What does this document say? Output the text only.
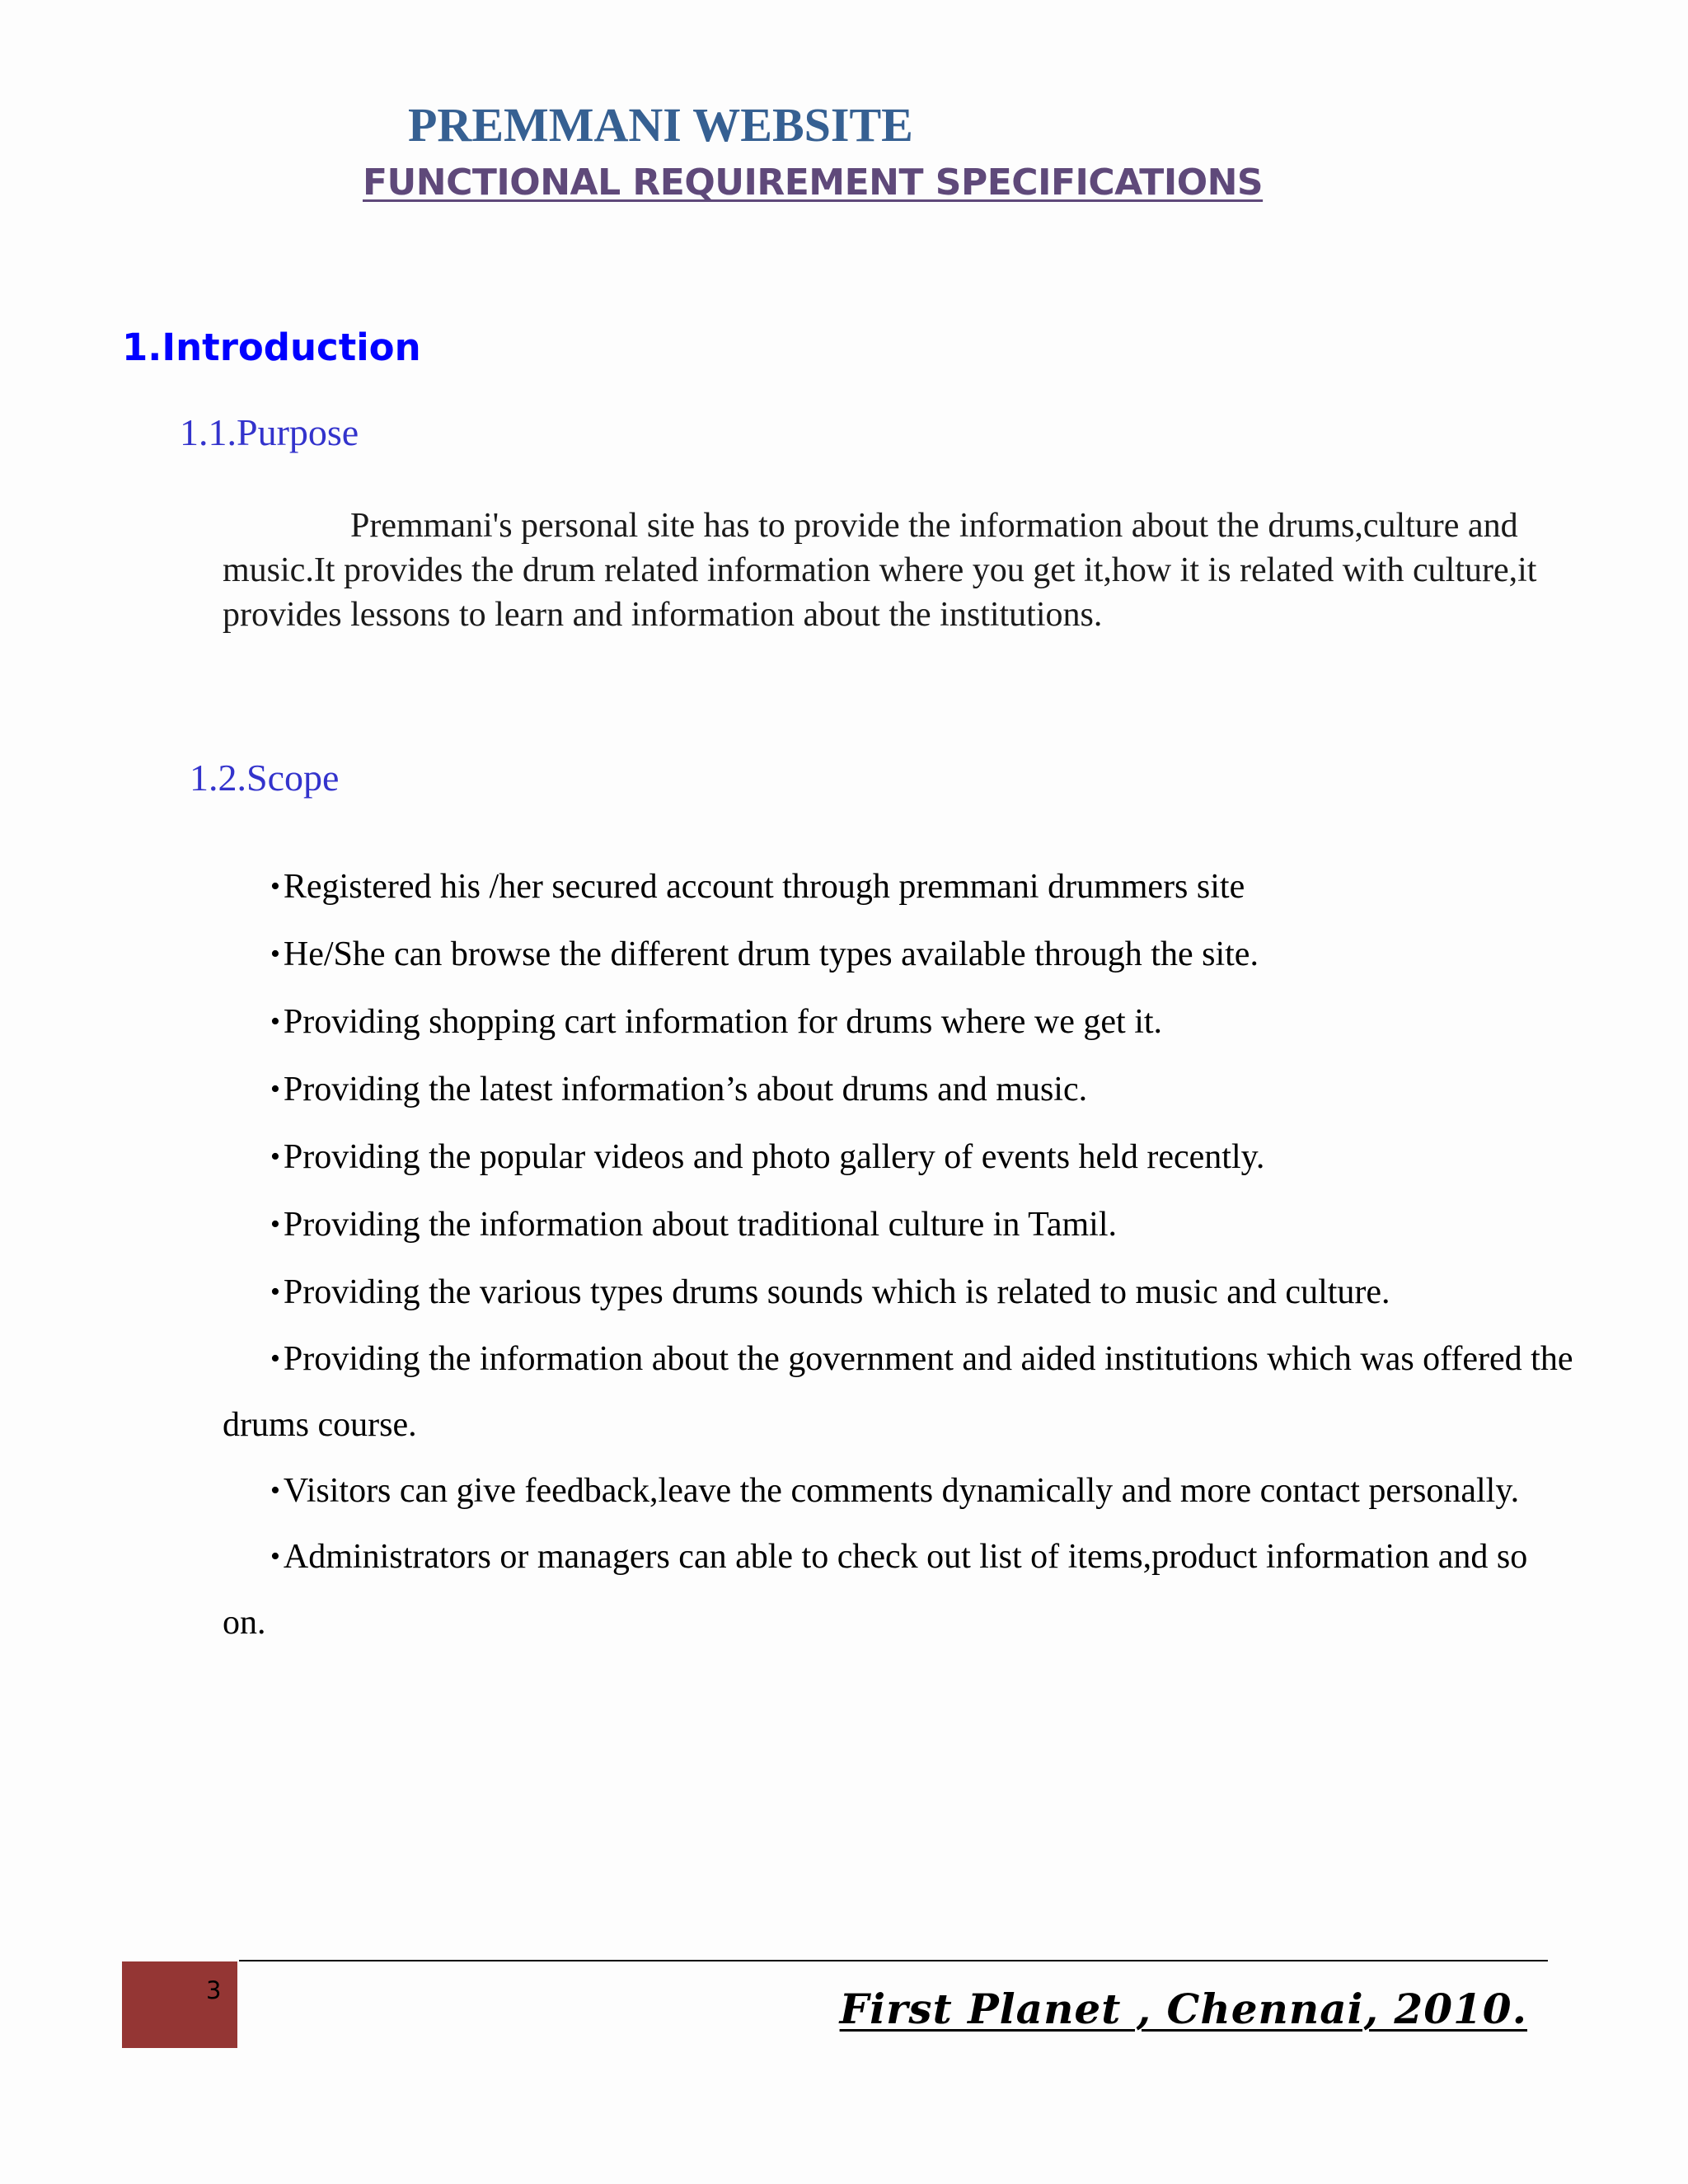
PREMMANI WEBSITE
FUNCTIONAL REQUIREMENT SPECIFICATIONS
1.Introduction
1.1.Purpose

Premmani's personal site has to provide the information about the drums,culture and music.It provides the drum related information where you get it,how it is related with culture,it provides lessons to learn and information about the institutions.

1.2.Scope
•Registered his /her secured account through premmani drummers site
•He/She can browse the different drum types available through the site.
•Providing shopping cart information for drums where we get it.
•Providing the latest information’s about drums and music.
•Providing the popular videos and photo gallery of events held recently.
•Providing the information about traditional culture in Tamil.
•Providing the various types drums sounds which is related to music and culture.
•Providing the information about the government and aided institutions which was offered the drums course.
•Visitors can give feedback,leave the comments dynamically and more contact personally.
•Administrators or managers can able to check out list of items,product information and so on.
3	First Planet , Chennai, 2010.
